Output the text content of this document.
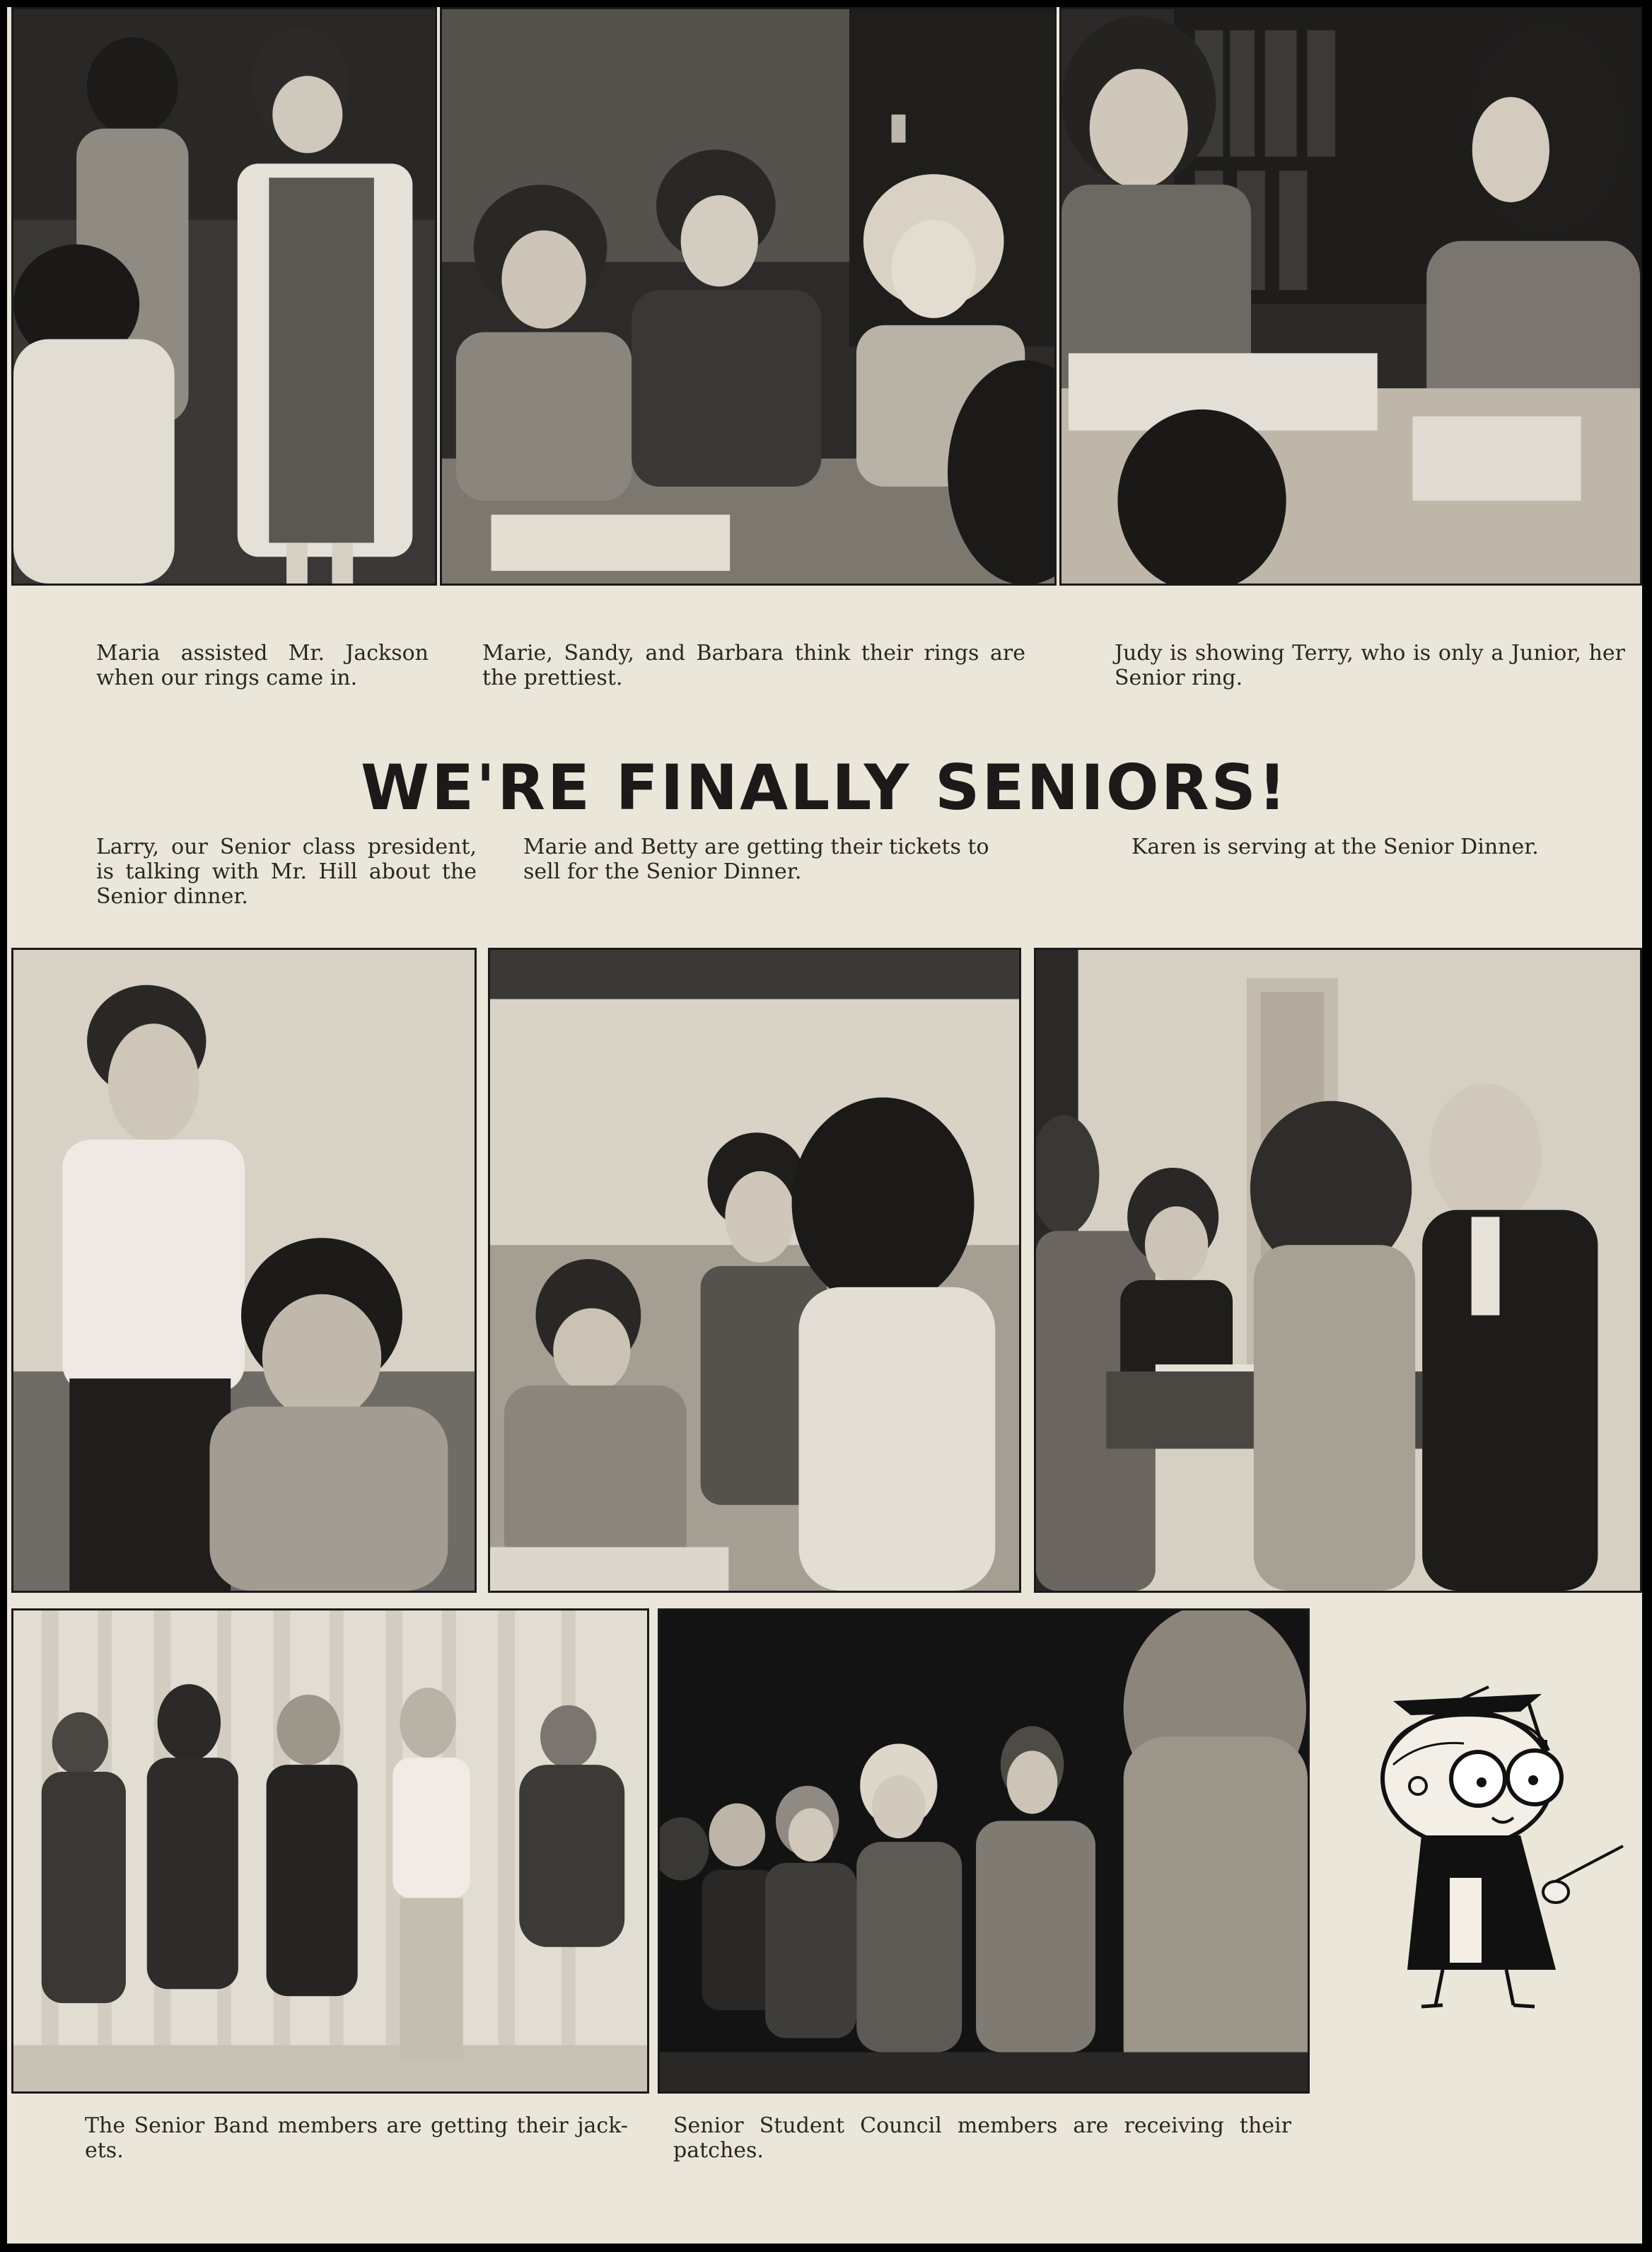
Maria assisted Mr. Jackson when our rings came in.

Marie, Sandy, and Barbara think their rings are the prettiest.

Judy is showing Terry, who is only a Junior, her Senior ring.

WE'RE FINALLY SENIORS!

Larry, our Senior class president, is talking with Mr. Hill about the Senior dinner.

Marie and Betty are getting their tickets to sell for the Senior Dinner.

Karen is serving at the Senior Dinner.

The Senior Band members are getting their jack- ets.

Senior Student Council members are receiving their patches.
